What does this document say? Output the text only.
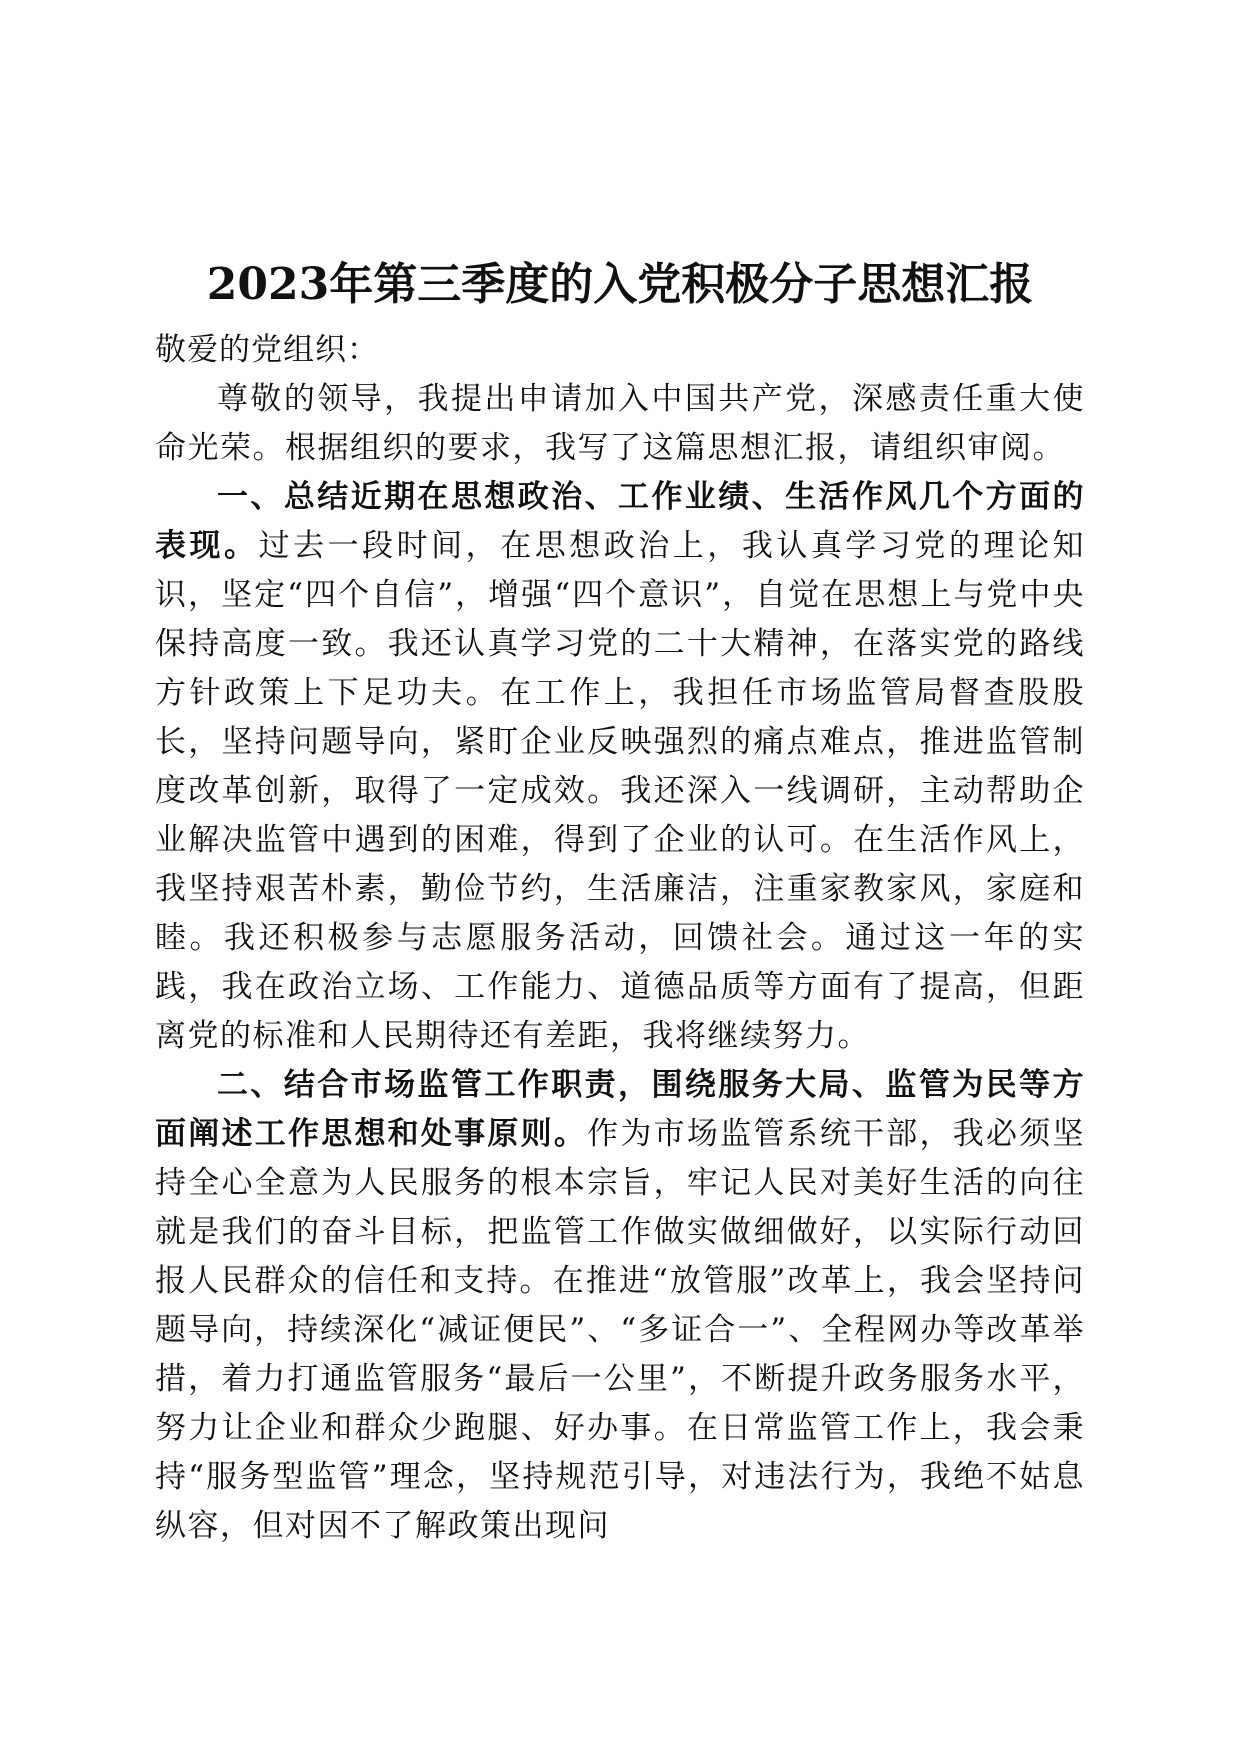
2023年第三季度的入党积极分子思想汇报

敬爱的党组织：

尊敬的领导，我提出申请加入中国共产党，深感责任重大使命光荣。根据组织的要求，我写了这篇思想汇报，请组织审阅。

一、总结近期在思想政治、工作业绩、生活作风几个方面的表现。过去一段时间，在思想政治上，我认真学习党的理论知识，坚定“四个自信”，增强“四个意识”，自觉在思想上与党中央保持高度一致。我还认真学习党的二十大精神，在落实党的路线方针政策上下足功夫。在工作上，我担任市场监管局督查股股长，坚持问题导向，紧盯企业反映强烈的痛点难点，推进监管制度改革创新，取得了一定成效。我还深入一线调研，主动帮助企业解决监管中遇到的困难，得到了企业的认可。在生活作风上，我坚持艰苦朴素，勤俭节约，生活廉洁，注重家教家风，家庭和睦。我还积极参与志愿服务活动，回馈社会。通过这一年的实践，我在政治立场、工作能力、道德品质等方面有了提高，但距离党的标准和人民期待还有差距，我将继续努力。

二、结合市场监管工作职责，围绕服务大局、监管为民等方面阐述工作思想和处事原则。作为市场监管系统干部，我必须坚持全心全意为人民服务的根本宗旨，牢记人民对美好生活的向往就是我们的奋斗目标，把监管工作做实做细做好，以实际行动回报人民群众的信任和支持。在推进“放管服”改革上，我会坚持问题导向，持续深化“减证便民”、“多证合一”、全程网办等改革举措，着力打通监管服务“最后一公里”，不断提升政务服务水平，努力让企业和群众少跑腿、好办事。在日常监管工作上，我会秉持“服务型监管”理念，坚持规范引导，对违法行为，我绝不姑息纵容，但对因不了解政策出现问
